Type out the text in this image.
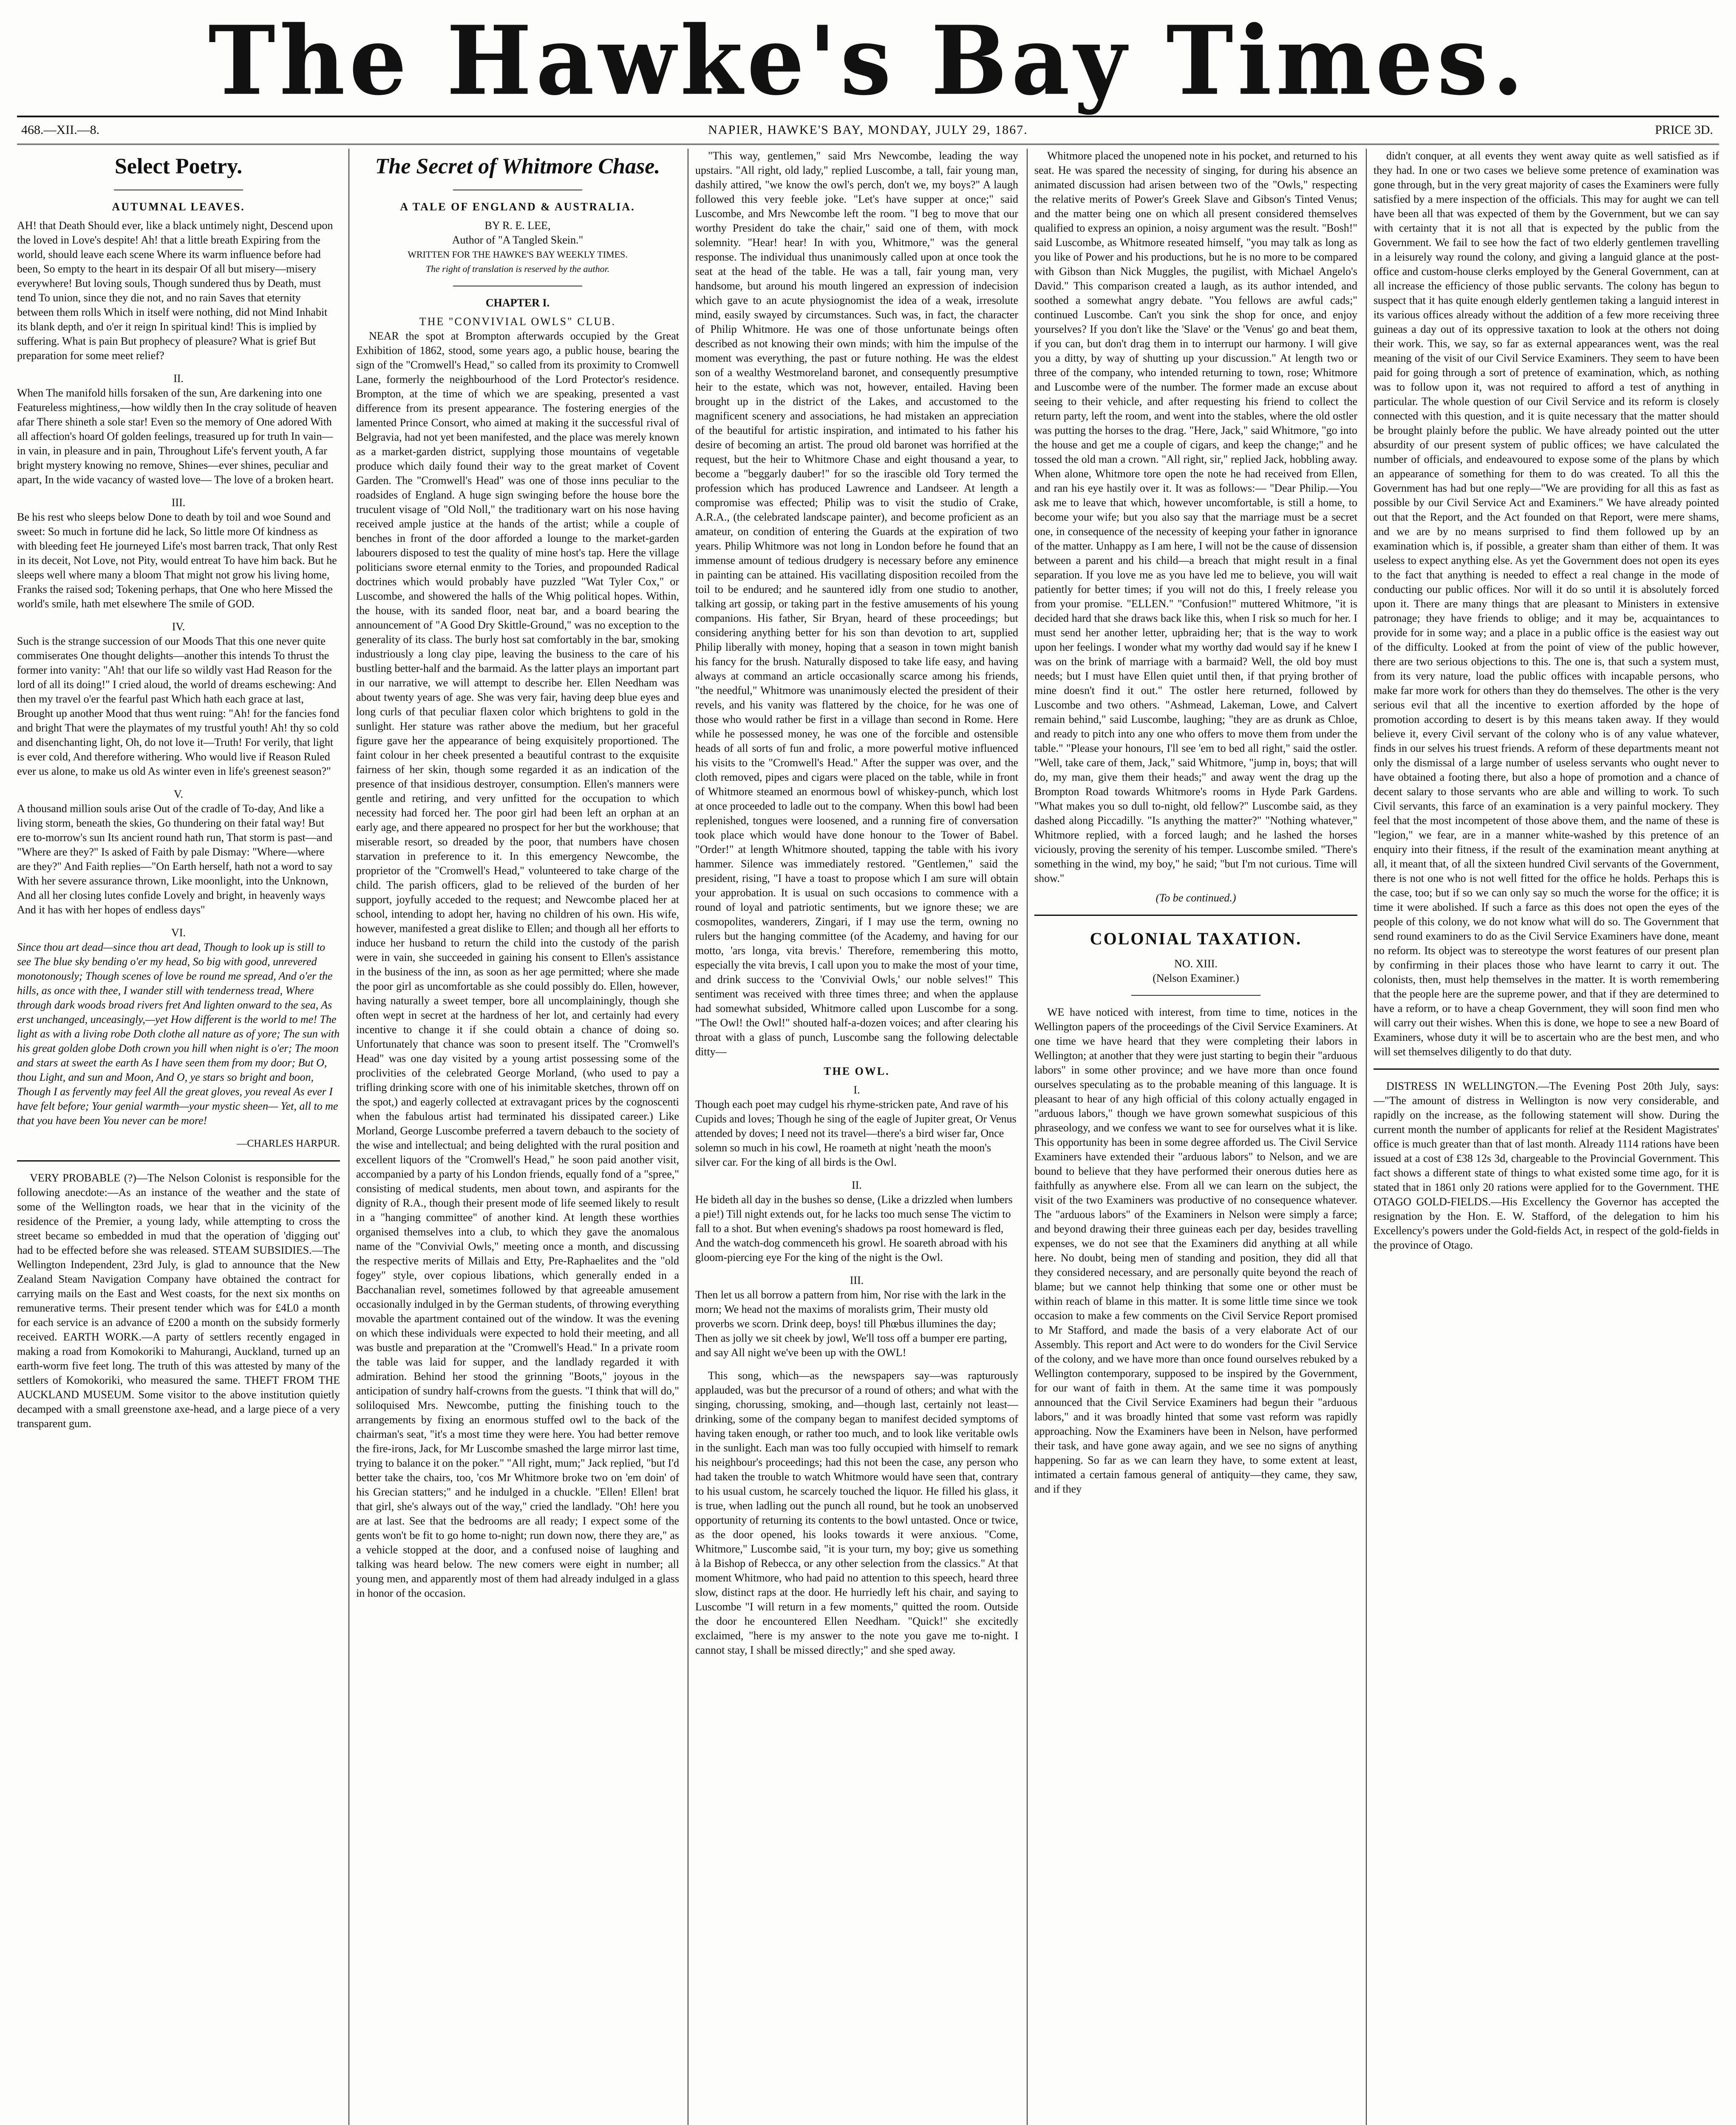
The Hawke's Bay Times.
468.—XII.—8.	NAPIER, HAWKE'S BAY, MONDAY, JULY 29, 1867.	PRICE 3D.
Select Poetry.
AUTUMNAL LEAVES.

AH! that Death Should ever, like a black untimely night, Descend upon the loved in Love's despite! Ah! that a little breath Expiring from the world, should leave each scene Where its warm influence before had been, So empty to the heart in its despair Of all but misery—misery everywhere! But loving souls, Though sundered thus by Death, must tend To union, since they die not, and no rain Saves that eternity between them rolls Which in itself were nothing, did not Mind Inhabit its blank depth, and o'er it reign In spiritual kind! This is implied by suffering. What is pain But prophecy of pleasure? What is grief But preparation for some meet relief?

II.

When The manifold hills forsaken of the sun, Are darkening into one Featureless mightiness,—how wildly then In the cray solitude of heaven afar There shineth a sole star! Even so the memory of One adored With all affection's hoard Of golden feelings, treasured up for truth In vain—in vain, in pleasure and in pain, Throughout Life's fervent youth, A far bright mystery knowing no remove, Shines—ever shines, peculiar and apart, In the wide vacancy of wasted love— The love of a broken heart.

III.

Be his rest who sleeps below Done to death by toil and woe Sound and sweet: So much in fortune did he lack, So little more Of kindness as with bleeding feet He journeyed Life's most barren track, That only Rest in its deceit, Not Love, not Pity, would entreat To have him back. But he sleeps well where many a bloom That might not grow his living home, Franks the raised sod; Tokening perhaps, that One who here Missed the world's smile, hath met elsewhere The smile of GOD.

IV.

Such is the strange succession of our Moods That this one never quite commiserates One thought delights—another this intends To thrust the former into vanity: "Ah! that our life so wildly vast Had Reason for the lord of all its doing!" I cried aloud, the world of dreams eschewing: And then my travel o'er the fearful past Which hath each grace at last, Brought up another Mood that thus went ruing: "Ah! for the fancies fond and bright That were the playmates of my trustful youth! Ah! thy so cold and disenchanting light, Oh, do not love it—Truth! For verily, that light is ever cold, And therefore withering. Who would live if Reason Ruled ever us alone, to make us old As winter even in life's greenest season?"

V.

A thousand million souls arise Out of the cradle of To-day, And like a living storm, beneath the skies, Go thundering on their fatal way! But ere to-morrow's sun Its ancient round hath run, That storm is past—and "Where are they?" Is asked of Faith by pale Dismay: "Where—where are they?" And Faith replies—"On Earth herself, hath not a word to say With her severe assurance thrown, Like moonlight, into the Unknown, And all her closing lutes confide Lovely and bright, in heavenly ways And it has with her hopes of endless days"

VI.

Since thou art dead—since thou art dead, Though to look up is still to see The blue sky bending o'er my head, So big with good, unrevered monotonously; Though scenes of love be round me spread, And o'er the hills, as once with thee, I wander still with tenderness tread, Where through dark woods broad rivers fret And lighten onward to the sea, As erst unchanged, unceasingly,—yet How different is the world to me! The light as with a living robe Doth clothe all nature as of yore; The sun with his great golden globe Doth crown you hill when night is o'er; The moon and stars at sweet the earth As I have seen them from my door; But O, thou Light, and sun and Moon, And O, ye stars so bright and boon, Though I as fervently may feel All the great gloves, you reveal As ever I have felt before; Your genial warmth—your mystic sheen— Yet, all to me that you have been You never can be more!

—CHARLES HARPUR.

VERY PROBABLE (?)—The Nelson Colonist is responsible for the following anecdote:—As an instance of the weather and the state of some of the Wellington roads, we hear that in the vicinity of the residence of the Premier, a young lady, while attempting to cross the street became so embedded in mud that the operation of 'digging out' had to be effected before she was released. STEAM SUBSIDIES.—The Wellington Independent, 23rd July, is glad to announce that the New Zealand Steam Navigation Company have obtained the contract for carrying mails on the East and West coasts, for the next six months on remunerative terms. Their present tender which was for £4L0 a month for each service is an advance of £200 a month on the subsidy formerly received. EARTH WORK.—A party of settlers recently engaged in making a road from Komokoriki to Mahurangi, Auckland, turned up an earth-worm five feet long. The truth of this was attested by many of the settlers of Komokoriki, who measured the same. THEFT FROM THE AUCKLAND MUSEUM. Some visitor to the above institution quietly decamped with a small greenstone axe-head, and a large piece of a very transparent gum.

The Secret of Whitmore Chase.
A TALE OF ENGLAND & AUSTRALIA.
BY R. E. LEE,
Author of "A Tangled Skein."
WRITTEN FOR THE HAWKE'S BAY WEEKLY TIMES.
The right of translation is reserved by the author.
CHAPTER I.
THE "CONVIVIAL OWLS" CLUB.

NEAR the spot at Brompton afterwards occupied by the Great Exhibition of 1862, stood, some years ago, a public house, bearing the sign of the "Cromwell's Head," so called from its proximity to Cromwell Lane, formerly the neighbourhood of the Lord Protector's residence. Brompton, at the time of which we are speaking, presented a vast difference from its present appearance. The fostering energies of the lamented Prince Consort, who aimed at making it the successful rival of Belgravia, had not yet been manifested, and the place was merely known as a market-garden district, supplying those mountains of vegetable produce which daily found their way to the great market of Covent Garden. The "Cromwell's Head" was one of those inns peculiar to the roadsides of England. A huge sign swinging before the house bore the truculent visage of "Old Noll," the traditionary wart on his nose having received ample justice at the hands of the artist; while a couple of benches in front of the door afforded a lounge to the market-garden labourers disposed to test the quality of mine host's tap. Here the village politicians swore eternal enmity to the Tories, and propounded Radical doctrines which would probably have puzzled "Wat Tyler Cox," or Luscombe, and showered the halls of the Whig political hopes. Within, the house, with its sanded floor, neat bar, and a board bearing the announcement of "A Good Dry Skittle-Ground," was no exception to the generality of its class. The burly host sat comfortably in the bar, smoking industriously a long clay pipe, leaving the business to the care of his bustling better-half and the barmaid. As the latter plays an important part in our narrative, we will attempt to describe her. Ellen Needham was about twenty years of age. She was very fair, having deep blue eyes and long curls of that peculiar flaxen color which brightens to gold in the sunlight. Her stature was rather above the medium, but her graceful figure gave her the appearance of being exquisitely proportioned. The faint colour in her cheek presented a beautiful contrast to the exquisite fairness of her skin, though some regarded it as an indication of the presence of that insidious destroyer, consumption. Ellen's manners were gentle and retiring, and very unfitted for the occupation to which necessity had forced her. The poor girl had been left an orphan at an early age, and there appeared no prospect for her but the workhouse; that miserable resort, so dreaded by the poor, that numbers have chosen starvation in preference to it. In this emergency Newcombe, the proprietor of the "Cromwell's Head," volunteered to take charge of the child. The parish officers, glad to be relieved of the burden of her support, joyfully acceded to the request; and Newcombe placed her at school, intending to adopt her, having no children of his own. His wife, however, manifested a great dislike to Ellen; and though all her efforts to induce her husband to return the child into the custody of the parish were in vain, she succeeded in gaining his consent to Ellen's assistance in the business of the inn, as soon as her age permitted; where she made the poor girl as uncomfortable as she could possibly do. Ellen, however, having naturally a sweet temper, bore all uncomplainingly, though she often wept in secret at the hardness of her lot, and certainly had every incentive to change it if she could obtain a chance of doing so. Unfortunately that chance was soon to present itself. The "Cromwell's Head" was one day visited by a young artist possessing some of the proclivities of the celebrated George Morland, (who used to pay a trifling drinking score with one of his inimitable sketches, thrown off on the spot,) and eagerly collected at extravagant prices by the cognoscenti when the fabulous artist had terminated his dissipated career.) Like Morland, George Luscombe preferred a tavern debauch to the society of the wise and intellectual; and being delighted with the rural position and excellent liquors of the "Cromwell's Head," he soon paid another visit, accompanied by a party of his London friends, equally fond of a "spree," consisting of medical students, men about town, and aspirants for the dignity of R.A., though their present mode of life seemed likely to result in a "hanging committee" of another kind. At length these worthies organised themselves into a club, to which they gave the anomalous name of the "Convivial Owls," meeting once a month, and discussing the respective merits of Millais and Etty, Pre-Raphaelites and the "old fogey" style, over copious libations, which generally ended in a Bacchanalian revel, sometimes followed by that agreeable amusement occasionally indulged in by the German students, of throwing everything movable the apartment contained out of the window. It was the evening on which these individuals were expected to hold their meeting, and all was bustle and preparation at the "Cromwell's Head." In a private room the table was laid for supper, and the landlady regarded it with admiration. Behind her stood the grinning "Boots," joyous in the anticipation of sundry half-crowns from the guests. "I think that will do," soliloquised Mrs. Newcombe, putting the finishing touch to the arrangements by fixing an enormous stuffed owl to the back of the chairman's seat, "it's a most time they were here. You had better remove the fire-irons, Jack, for Mr Luscombe smashed the large mirror last time, trying to balance it on the poker." "All right, mum;" Jack replied, "but I'd better take the chairs, too, 'cos Mr Whitmore broke two on 'em doin' of his Grecian statters;" and he indulged in a chuckle. "Ellen! Ellen! brat that girl, she's always out of the way," cried the landlady. "Oh! here you are at last. See that the bedrooms are all ready; I expect some of the gents won't be fit to go home to-night; run down now, there they are," as a vehicle stopped at the door, and a confused noise of laughing and talking was heard below. The new comers were eight in number; all young men, and apparently most of them had already indulged in a glass in honor of the occasion.

"This way, gentlemen," said Mrs Newcombe, leading the way upstairs. "All right, old lady," replied Luscombe, a tall, fair young man, dashily attired, "we know the owl's perch, don't we, my boys?" A laugh followed this very feeble joke. "Let's have supper at once;" said Luscombe, and Mrs Newcombe left the room. "I beg to move that our worthy President do take the chair," said one of them, with mock solemnity. "Hear! hear! In with you, Whitmore," was the general response. The individual thus unanimously called upon at once took the seat at the head of the table. He was a tall, fair young man, very handsome, but around his mouth lingered an expression of indecision which gave to an acute physiognomist the idea of a weak, irresolute mind, easily swayed by circumstances. Such was, in fact, the character of Philip Whitmore. He was one of those unfortunate beings often described as not knowing their own minds; with him the impulse of the moment was everything, the past or future nothing. He was the eldest son of a wealthy Westmoreland baronet, and consequently presumptive heir to the estate, which was not, however, entailed. Having been brought up in the district of the Lakes, and accustomed to the magnificent scenery and associations, he had mistaken an appreciation of the beautiful for artistic inspiration, and intimated to his father his desire of becoming an artist. The proud old baronet was horrified at the request, but the heir to Whitmore Chase and eight thousand a year, to become a "beggarly dauber!" for so the irascible old Tory termed the profession which has produced Lawrence and Landseer. At length a compromise was effected; Philip was to visit the studio of Crake, A.R.A., (the celebrated landscape painter), and become proficient as an amateur, on condition of entering the Guards at the expiration of two years. Philip Whitmore was not long in London before he found that an immense amount of tedious drudgery is necessary before any eminence in painting can be attained. His vacillating disposition recoiled from the toil to be endured; and he sauntered idly from one studio to another, talking art gossip, or taking part in the festive amusements of his young companions. His father, Sir Bryan, heard of these proceedings; but considering anything better for his son than devotion to art, supplied Philip liberally with money, hoping that a season in town might banish his fancy for the brush. Naturally disposed to take life easy, and having always at command an article occasionally scarce among his friends, "the needful," Whitmore was unanimously elected the president of their revels, and his vanity was flattered by the choice, for he was one of those who would rather be first in a village than second in Rome. Here while he possessed money, he was one of the forcible and ostensible heads of all sorts of fun and frolic, a more powerful motive influenced his visits to the "Cromwell's Head." After the supper was over, and the cloth removed, pipes and cigars were placed on the table, while in front of Whitmore steamed an enormous bowl of whiskey-punch, which lost at once proceeded to ladle out to the company. When this bowl had been replenished, tongues were loosened, and a running fire of conversation took place which would have done honour to the Tower of Babel. "Order!" at length Whitmore shouted, tapping the table with his ivory hammer. Silence was immediately restored. "Gentlemen," said the president, rising, "I have a toast to propose which I am sure will obtain your approbation. It is usual on such occasions to commence with a round of loyal and patriotic sentiments, but we ignore these; we are cosmopolites, wanderers, Zingari, if I may use the term, owning no rulers but the hanging committee (of the Academy, and having for our motto, 'ars longa, vita brevis.' Therefore, remembering this motto, especially the vita brevis, I call upon you to make the most of your time, and drink success to the 'Convivial Owls,' our noble selves!" This sentiment was received with three times three; and when the applause had somewhat subsided, Whitmore called upon Luscombe for a song. "The Owl! the Owl!" shouted half-a-dozen voices; and after clearing his throat with a glass of punch, Luscombe sang the following delectable ditty—

THE OWL.
I.

Though each poet may cudgel his rhyme-stricken pate, And rave of his Cupids and loves; Though he sing of the eagle of Jupiter great, Or Venus attended by doves; I need not its travel—there's a bird wiser far, Once solemn so much in his cowl, He roameth at night 'neath the moon's silver car. For the king of all birds is the Owl.

II.

He bideth all day in the bushes so dense, (Like a drizzled when lumbers a pie!) Till night extends out, for he lacks too much sense The victim to fall to a shot. But when evening's shadows pa roost homeward is fled, And the watch-dog commenceth his growl. He soareth abroad with his gloom-piercing eye For the king of the night is the Owl.

III.

Then let us all borrow a pattern from him, Nor rise with the lark in the morn; We head not the maxims of moralists grim, Their musty old proverbs we scorn. Drink deep, boys! till Phœbus illumines the day; Then as jolly we sit cheek by jowl, We'll toss off a bumper ere parting, and say All night we've been up with the OWL!

This song, which—as the newspapers say—was rapturously applauded, was but the precursor of a round of others; and what with the singing, chorussing, smoking, and—though last, certainly not least—drinking, some of the company began to manifest decided symptoms of having taken enough, or rather too much, and to look like veritable owls in the sunlight. Each man was too fully occupied with himself to remark his neighbour's proceedings; had this not been the case, any person who had taken the trouble to watch Whitmore would have seen that, contrary to his usual custom, he scarcely touched the liquor. He filled his glass, it is true, when ladling out the punch all round, but he took an unobserved opportunity of returning its contents to the bowl untasted. Once or twice, as the door opened, his looks towards it were anxious. "Come, Whitmore," Luscombe said, "it is your turn, my boy; give us something à la Bishop of Rebecca, or any other selection from the classics." At that moment Whitmore, who had paid no attention to this speech, heard three slow, distinct raps at the door. He hurriedly left his chair, and saying to Luscombe "I will return in a few moments," quitted the room. Outside the door he encountered Ellen Needham. "Quick!" she excitedly exclaimed, "here is my answer to the note you gave me to-night. I cannot stay, I shall be missed directly;" and she sped away.

Whitmore placed the unopened note in his pocket, and returned to his seat. He was spared the necessity of singing, for during his absence an animated discussion had arisen between two of the "Owls," respecting the relative merits of Power's Greek Slave and Gibson's Tinted Venus; and the matter being one on which all present considered themselves qualified to express an opinion, a noisy argument was the result. "Bosh!" said Luscombe, as Whitmore reseated himself, "you may talk as long as you like of Power and his productions, but he is no more to be compared with Gibson than Nick Muggles, the pugilist, with Michael Angelo's David." This comparison created a laugh, as its author intended, and soothed a somewhat angry debate. "You fellows are awful cads;" continued Luscombe. Can't you sink the shop for once, and enjoy yourselves? If you don't like the 'Slave' or the 'Venus' go and beat them, if you can, but don't drag them in to interrupt our harmony. I will give you a ditty, by way of shutting up your discussion." At length two or three of the company, who intended returning to town, rose; Whitmore and Luscombe were of the number. The former made an excuse about seeing to their vehicle, and after requesting his friend to collect the return party, left the room, and went into the stables, where the old ostler was putting the horses to the drag. "Here, Jack," said Whitmore, "go into the house and get me a couple of cigars, and keep the change;" and he tossed the old man a crown. "All right, sir," replied Jack, hobbling away. When alone, Whitmore tore open the note he had received from Ellen, and ran his eye hastily over it. It was as follows:— "Dear Philip.—You ask me to leave that which, however uncomfortable, is still a home, to become your wife; but you also say that the marriage must be a secret one, in consequence of the necessity of keeping your father in ignorance of the matter. Unhappy as I am here, I will not be the cause of dissension between a parent and his child—a breach that might result in a final separation. If you love me as you have led me to believe, you will wait patiently for better times; if you will not do this, I freely release you from your promise. "ELLEN." "Confusion!" muttered Whitmore, "it is decided hard that she draws back like this, when I risk so much for her. I must send her another letter, upbraiding her; that is the way to work upon her feelings. I wonder what my worthy dad would say if he knew I was on the brink of marriage with a barmaid? Well, the old boy must needs; but I must have Ellen quiet until then, if that prying brother of mine doesn't find it out." The ostler here returned, followed by Luscombe and two others. "Ashmead, Lakeman, Lowe, and Calvert remain behind," said Luscombe, laughing; "they are as drunk as Chloe, and ready to pitch into any one who offers to move them from under the table." "Please your honours, I'll see 'em to bed all right," said the ostler. "Well, take care of them, Jack," said Whitmore, "jump in, boys; that will do, my man, give them their heads;" and away went the drag up the Brompton Road towards Whitmore's rooms in Hyde Park Gardens. "What makes you so dull to-night, old fellow?" Luscombe said, as they dashed along Piccadilly. "Is anything the matter?" "Nothing whatever," Whitmore replied, with a forced laugh; and he lashed the horses viciously, proving the serenity of his temper. Luscombe smiled. "There's something in the wind, my boy," he said; "but I'm not curious. Time will show."

(To be continued.)
COLONIAL TAXATION.
NO. XIII.
(Nelson Examiner.)

WE have noticed with interest, from time to time, notices in the Wellington papers of the proceedings of the Civil Service Examiners. At one time we have heard that they were completing their labors in Wellington; at another that they were just starting to begin their "arduous labors" in some other province; and we have more than once found ourselves speculating as to the probable meaning of this language. It is pleasant to hear of any high official of this colony actually engaged in "arduous labors," though we have grown somewhat suspicious of this phraseology, and we confess we want to see for ourselves what it is like. This opportunity has been in some degree afforded us. The Civil Service Examiners have extended their "arduous labors" to Nelson, and we are bound to believe that they have performed their onerous duties here as faithfully as anywhere else. From all we can learn on the subject, the visit of the two Examiners was productive of no consequence whatever. The "arduous labors" of the Examiners in Nelson were simply a farce; and beyond drawing their three guineas each per day, besides travelling expenses, we do not see that the Examiners did anything at all while here. No doubt, being men of standing and position, they did all that they considered necessary, and are personally quite beyond the reach of blame; but we cannot help thinking that some one or other must be within reach of blame in this matter. It is some little time since we took occasion to make a few comments on the Civil Service Report promised to Mr Stafford, and made the basis of a very elaborate Act of our Assembly. This report and Act were to do wonders for the Civil Service of the colony, and we have more than once found ourselves rebuked by a Wellington contemporary, supposed to be inspired by the Government, for our want of faith in them. At the same time it was pompously announced that the Civil Service Examiners had begun their "arduous labors," and it was broadly hinted that some vast reform was rapidly approaching. Now the Examiners have been in Nelson, have performed their task, and have gone away again, and we see no signs of anything happening. So far as we can learn they have, to some extent at least, intimated a certain famous general of antiquity—they came, they saw, and if they

didn't conquer, at all events they went away quite as well satisfied as if they had. In one or two cases we believe some pretence of examination was gone through, but in the very great majority of cases the Examiners were fully satisfied by a mere inspection of the officials. This may for aught we can tell have been all that was expected of them by the Government, but we can say with certainty that it is not all that is expected by the public from the Government. We fail to see how the fact of two elderly gentlemen travelling in a leisurely way round the colony, and giving a languid glance at the post-office and custom-house clerks employed by the General Government, can at all increase the efficiency of those public servants. The colony has begun to suspect that it has quite enough elderly gentlemen taking a languid interest in its various offices already without the addition of a few more receiving three guineas a day out of its oppressive taxation to look at the others not doing their work. This, we say, so far as external appearances went, was the real meaning of the visit of our Civil Service Examiners. They seem to have been paid for going through a sort of pretence of examination, which, as nothing was to follow upon it, was not required to afford a test of anything in particular. The whole question of our Civil Service and its reform is closely connected with this question, and it is quite necessary that the matter should be brought plainly before the public. We have already pointed out the utter absurdity of our present system of public offices; we have calculated the number of officials, and endeavoured to expose some of the plans by which an appearance of something for them to do was created. To all this the Government has had but one reply—"We are providing for all this as fast as possible by our Civil Service Act and Examiners." We have already pointed out that the Report, and the Act founded on that Report, were mere shams, and we are by no means surprised to find them followed up by an examination which is, if possible, a greater sham than either of them. It was useless to expect anything else. As yet the Government does not open its eyes to the fact that anything is needed to effect a real change in the mode of conducting our public offices. Nor will it do so until it is absolutely forced upon it. There are many things that are pleasant to Ministers in extensive patronage; they have friends to oblige; and it may be, acquaintances to provide for in some way; and a place in a public office is the easiest way out of the difficulty. Looked at from the point of view of the public however, there are two serious objections to this. The one is, that such a system must, from its very nature, load the public offices with incapable persons, who make far more work for others than they do themselves. The other is the very serious evil that all the incentive to exertion afforded by the hope of promotion according to desert is by this means taken away. If they would believe it, every Civil servant of the colony who is of any value whatever, finds in our selves his truest friends. A reform of these departments meant not only the dismissal of a large number of useless servants who ought never to have obtained a footing there, but also a hope of promotion and a chance of decent salary to those servants who are able and willing to work. To such Civil servants, this farce of an examination is a very painful mockery. They feel that the most incompetent of those above them, and the name of these is "legion," we fear, are in a manner white-washed by this pretence of an enquiry into their fitness, if the result of the examination meant anything at all, it meant that, of all the sixteen hundred Civil servants of the Government, there is not one who is not well fitted for the office he holds. Perhaps this is the case, too; but if so we can only say so much the worse for the office; it is time it were abolished. If such a farce as this does not open the eyes of the people of this colony, we do not know what will do so. The Government that send round examiners to do as the Civil Service Examiners have done, meant no reform. Its object was to stereotype the worst features of our present plan by confirming in their places those who have learnt to carry it out. The colonists, then, must help themselves in the matter. It is worth remembering that the people here are the supreme power, and that if they are determined to have a reform, or to have a cheap Government, they will soon find men who will carry out their wishes. When this is done, we hope to see a new Board of Examiners, whose duty it will be to ascertain who are the best men, and who will set themselves diligently to do that duty.

DISTRESS IN WELLINGTON.—The Evening Post 20th July, says:—"The amount of distress in Wellington is now very considerable, and rapidly on the increase, as the following statement will show. During the current month the number of applicants for relief at the Resident Magistrates' office is much greater than that of last month. Already 1114 rations have been issued at a cost of £38 12s 3d, chargeable to the Provincial Government. This fact shows a different state of things to what existed some time ago, for it is stated that in 1861 only 20 rations were applied for to the Government. THE OTAGO GOLD-FIELDS.—His Excellency the Governor has accepted the resignation by the Hon. E. W. Stafford, of the delegation to him his Excellency's powers under the Gold-fields Act, in respect of the gold-fields in the province of Otago.
